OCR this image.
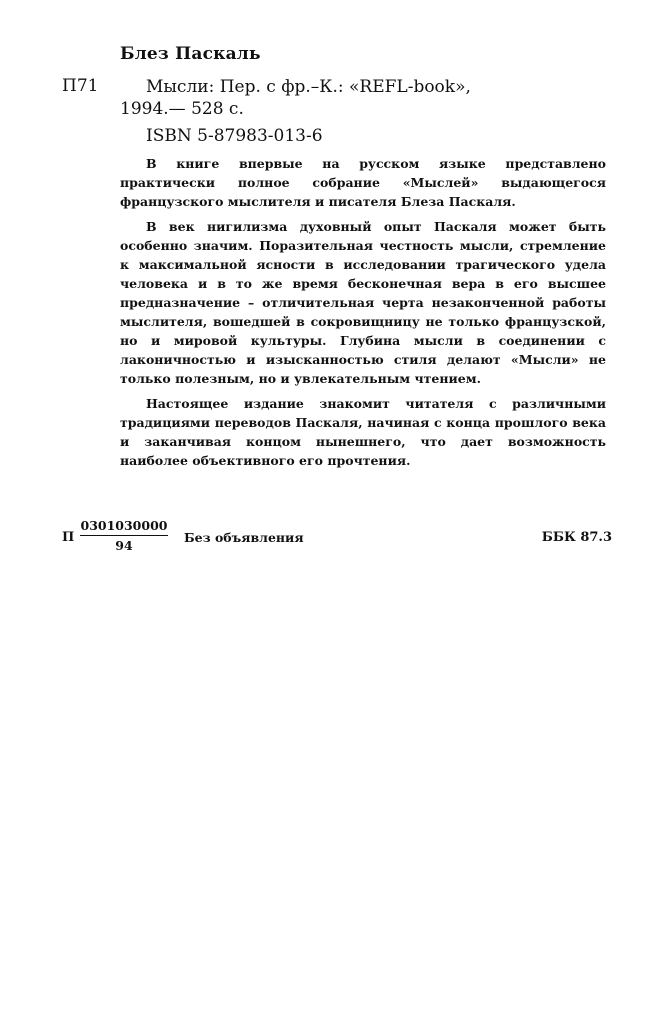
Блез Паскаль
П71	Мысли: Пер. с фр.–К.: «REFL-book»,
1994.— 528 с.
ISBN 5-87983-013-6

В книге впервые на русском языке представлено практически полное собрание «Мыслей» выдающегося французского мыслителя и писателя Блеза Паскаля.

В век нигилизма духовный опыт Паскаля может быть особенно значим. Поразительная честность мысли, стремление к максимальной ясности в исследовании трагического удела человека и в то же время бесконечная вера в его высшее предназначение – отличительная черта незаконченной работы мыслителя, вошедшей в сокровищницу не только французской, но и мировой культуры. Глубина мысли в соединении с лаконичностью и изысканностью стиля делают «Мысли» не только полезным, но и увлекательным чтением.

Настоящее издание знакомит читателя с различными традициями переводов Паскаля, начиная с конца прошлого века и заканчивая концом нынешнего, что дает возможность наиболее объективного его прочтения.

П $\frac{0301030000}{94}$ Без объявления	ББК 87.3
